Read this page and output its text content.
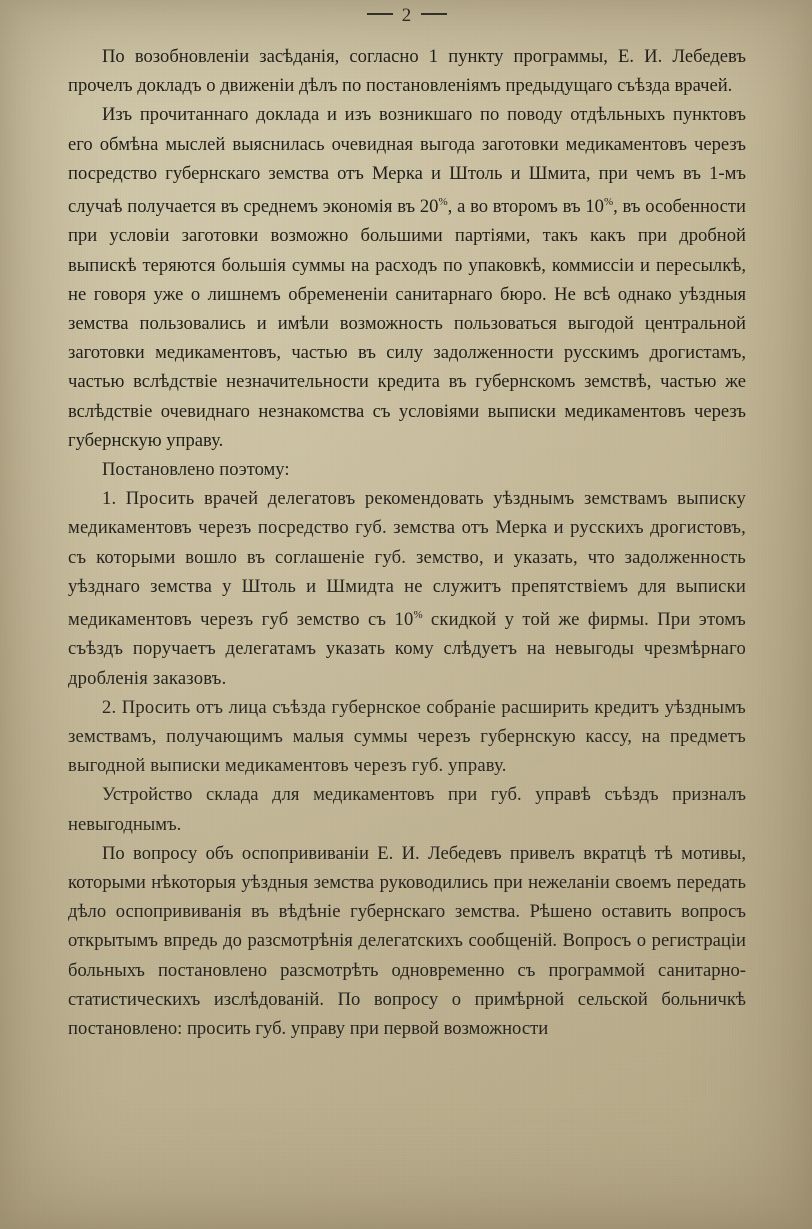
2

По возобновленіи засѣданія, согласно 1 пункту программы, Е. И. Лебедевъ прочелъ докладъ о движеніи дѣлъ по постановленіямъ предыдущаго съѣзда врачей.

Изъ прочитаннаго доклада и изъ возникшаго по поводу отдѣльныхъ пунктовъ его обмѣна мыслей выяснилась очевидная выгода заготовки медикаментовъ черезъ посредство губернскаго земства отъ Мерка и Штоль и Шмита, при чемъ въ 1-мъ случаѣ получается въ среднемъ экономія въ 20%, а во второмъ въ 10%, въ особенности при условіи заготовки возможно большими партіями, такъ какъ при дробной выпискѣ теряются большія суммы на расходъ по упаковкѣ, коммиссіи и пересылкѣ, не говоря уже о лишнемъ обремененіи санитарнаго бюро. Не всѣ однако уѣздныя земства пользовались и имѣли возможность пользоваться выгодой центральной заготовки медикаментовъ, частью въ силу задолженности русскимъ дрогистамъ, частью вслѣдствіе незначительности кредита въ губернскомъ земствѣ, частью же вслѣдствіе очевиднаго незнакомства съ условіями выписки медикаментовъ черезъ губернскую управу.

Постановлено поэтому:

1. Просить врачей делегатовъ рекомендовать уѣзднымъ земствамъ выписку медикаментовъ черезъ посредство губ. земства отъ Мерка и русскихъ дрогистовъ, съ которыми вошло въ соглашеніе губ. земство, и указать, что задолженность уѣзднаго земства у Штоль и Шмидта не служитъ препятствіемъ для выписки медикаментовъ черезъ губ земство съ 10% скидкой у той же фирмы. При этомъ съѣздъ поручаетъ делегатамъ указать кому слѣдуетъ на невыгоды чрезмѣрнаго дробленія заказовъ.

2. Просить отъ лица съѣзда губернское собраніе расширить кредитъ уѣзднымъ земствамъ, получающимъ малыя суммы черезъ губернскую кассу, на предметъ выгодной выписки медикаментовъ черезъ губ. управу.

Устройство склада для медикаментовъ при губ. управѣ съѣздъ призналъ невыгоднымъ.

По вопросу объ оспопрививаніи Е. И. Лебедевъ привелъ вкратцѣ тѣ мотивы, которыми нѣкоторыя уѣздныя земства руководились при нежеланіи своемъ передать дѣло оспопрививанія въ вѣдѣніе губернскаго земства. Рѣшено оставить вопросъ открытымъ впредь до разсмотрѣнія делегатскихъ сообщеній. Вопросъ о регистраціи больныхъ постановлено разсмотрѣть одновременно съ программой санитарно-статистическихъ изслѣдованій. По вопросу о примѣрной сельской больничкѣ постановлено: просить губ. управу при первой возможности
